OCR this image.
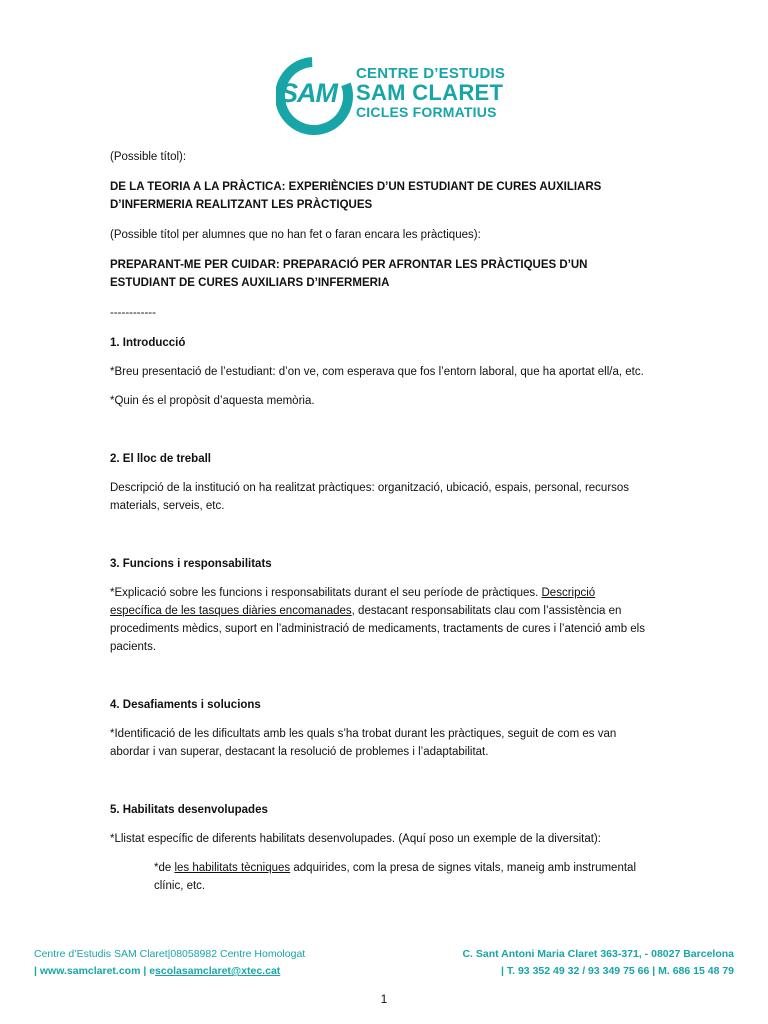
SAM
CENTRE D’ESTUDIS
SAM CLARET
CICLES FORMATIUS

(Possible títol):

DE LA TEORIA A LA PRÀCTICA: EXPERIÈNCIES D’UN ESTUDIANT DE CURES AUXILIARS D’INFERMERIA REALITZANT LES PRÀCTIQUES

(Possible títol per alumnes que no han fet o faran encara les pràctiques):

PREPARANT-ME PER CUIDAR: PREPARACIÓ PER AFRONTAR LES PRÀCTIQUES D’UN ESTUDIANT DE CURES AUXILIARS D’INFERMERIA

------------

1. Introducció

*Breu presentació de l’estudiant: d’on ve, com esperava que fos l’entorn laboral, que ha aportat ell/a, etc.

*Quin és el propòsit d’aquesta memòria.

2. El lloc de treball

Descripció de la institució on ha realitzat pràctiques: organització, ubicació, espais, personal, recursos materials, serveis, etc.

3. Funcions i responsabilitats

*Explicació sobre les funcions i responsabilitats durant el seu període de pràctiques. Descripció específica de les tasques diàries encomanades, destacant responsabilitats clau com l’assistència en procediments mèdics, suport en l’administració de medicaments, tractaments de cures i l’atenció amb els pacients.

4. Desafiaments i solucions

*Identificació de les dificultats amb les quals s’ha trobat durant les pràctiques, seguit de com es van abordar i van superar, destacant la resolució de problemes i l’adaptabilitat.

5. Habilitats desenvolupades

*Llistat específic de diferents habilitats desenvolupades. (Aquí poso un exemple de la diversitat):

*de les habilitats tècniques adquirides, com la presa de signes vitals, maneig amb instrumental clínic, etc.

Centre d’Estudis SAM Claret|08058982 Centre Homologat	C. Sant Antoni Maria Claret 363-371, - 08027 Barcelona
| www.samclaret.com | escolasamclaret@xtec.cat	| T. 93 352 49 32 / 93 349 75 66 | M. 686 15 48 79
1
